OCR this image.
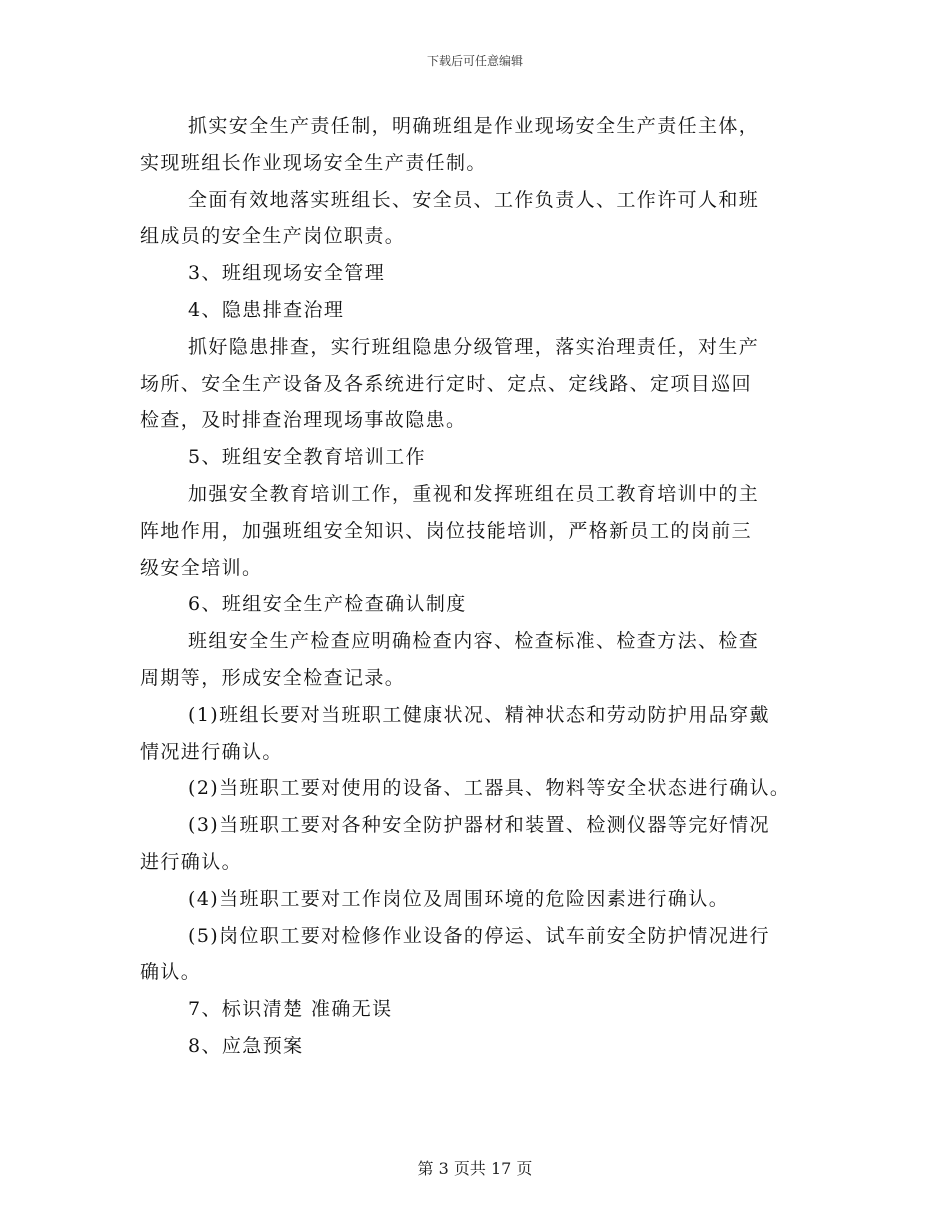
下载后可任意编辑

抓实安全生产责任制，明确班组是作业现场安全生产责任主体，

实现班组长作业现场安全生产责任制。

全面有效地落实班组长、安全员、工作负责人、工作许可人和班

组成员的安全生产岗位职责。

3、班组现场安全管理

4、隐患排查治理

抓好隐患排查，实行班组隐患分级管理，落实治理责任，对生产

场所、安全生产设备及各系统进行定时、定点、定线路、定项目巡回

检查，及时排查治理现场事故隐患。

5、班组安全教育培训工作

加强安全教育培训工作，重视和发挥班组在员工教育培训中的主

阵地作用，加强班组安全知识、岗位技能培训，严格新员工的岗前三

级安全培训。

6、班组安全生产检查确认制度

班组安全生产检查应明确检查内容、检查标准、检查方法、检查

周期等，形成安全检查记录。

(1)班组长要对当班职工健康状况、精神状态和劳动防护用品穿戴

情况进行确认。

(2)当班职工要对使用的设备、工器具、物料等安全状态进行确认。

(3)当班职工要对各种安全防护器材和装置、检测仪器等完好情况

进行确认。

(4)当班职工要对工作岗位及周围环境的危险因素进行确认。

(5)岗位职工要对检修作业设备的停运、试车前安全防护情况进行

确认。

7、标识清楚 准确无误

8、应急预案

第 3 页共 17 页
